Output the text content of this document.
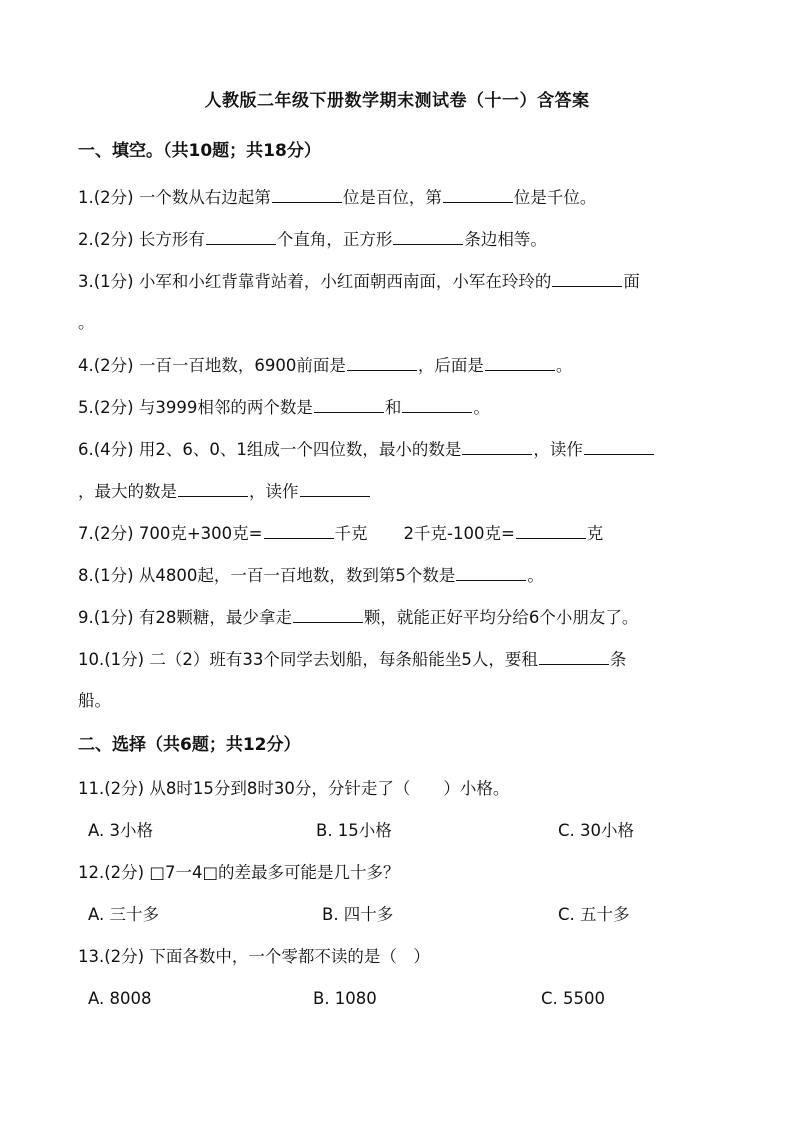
人教版二年级下册数学期末测试卷（十一）含答案
一、填空。（共10题；共18分）
1.(2分) 一个数从右边起第	位是百位，第	位是千位。
2.(2分) 长方形有	个直角，正方形	条边相等。
3.(1分) 小军和小红背靠背站着，小红面朝西南面，小军在玲玲的	面
。
4.(2分) 一百一百地数，6900前面是	，后面是	。
5.(2分) 与3999相邻的两个数是	和	。
6.(4分) 用2、6、0、1组成一个四位数，最小的数是	，读作
，最大的数是	，读作
7.(2分) 700克+300克=	千克 2千克-100克=	克
8.(1分) 从4800起，一百一百地数，数到第5个数是	。
9.(1分) 有28颗糖，最少拿走	颗，就能正好平均分给6个小朋友了。
10.(1分) 二（2）班有33个同学去划船，每条船能坐5人，要租	条
船。
二、选择（共6题；共12分）
11.(2分) 从8时15分到8时30分，分针走了（　　）小格。
A. 3小格	B. 15小格	C. 30小格
12.(2分) □7一4□的差最多可能是几十多？
A. 三十多	B. 四十多	C. 五十多
13.(2分) 下面各数中，一个零都不读的是（　）
A. 8008	B. 1080	C. 5500
